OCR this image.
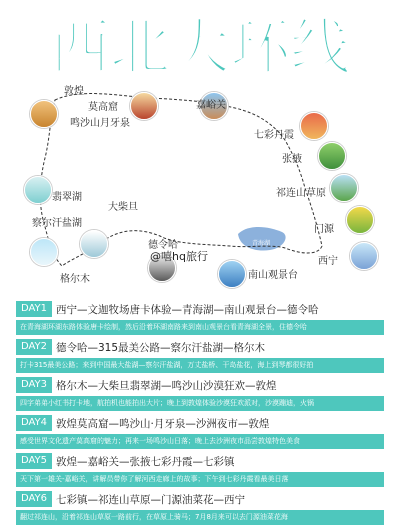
西北大环线
敦煌
莫高窟
鸣沙山月牙泉
嘉峪关
七彩丹霞
张掖
祁连山草原
门源
西宁
南山观景台
德令哈
大柴旦
翡翠湖
察尔汗盐湖
格尔木
青海湖
@嘻hq旅行
DAY1 西宁—文迦牧场唐卡体验—青海湖—南山观景台—德令哈
在青海湖环湖东路体验唐卡绘制，然后沿着环湖南路来到南山观景台看青海湖全景，住德令哈
DAY2 德令哈—315最美公路—察尔汗盐湖—格尔木
打卡315最美公路；来到中国最大盐湖—察尔汗盐湖，万丈盐桥、干岛盐花，海上到琴都很好拍
DAY3 格尔木—大柴旦翡翠湖—鸣沙山沙漠狂欢—敦煌
四字弟弟小红书打卡地，航拍机也能拍出大片；晚上到敦煌体验沙漠狂欢派对，沙漠蹦迪，火锅
DAY4 敦煌莫高窟—鸣沙山·月牙泉—沙洲夜市—敦煌
感受世界文化遗产莫高窟的魅力；再来一场鸣沙山日落；晚上去沙洲夜市品尝敦煌特色美食
DAY5 敦煌—嘉峪关—张掖七彩丹霞—七彩镇
天下第一雄关-嘉峪关，讲解员带你了解河西走廊上的故事；下午到七彩丹霞看最美日落
DAY6 七彩镇—祁连山草原—门源油菜花—西宁
翻过祁连山，沿着祁连山草原一路前行，在草原上骑马；7月8月来可以去门源油菜花海
